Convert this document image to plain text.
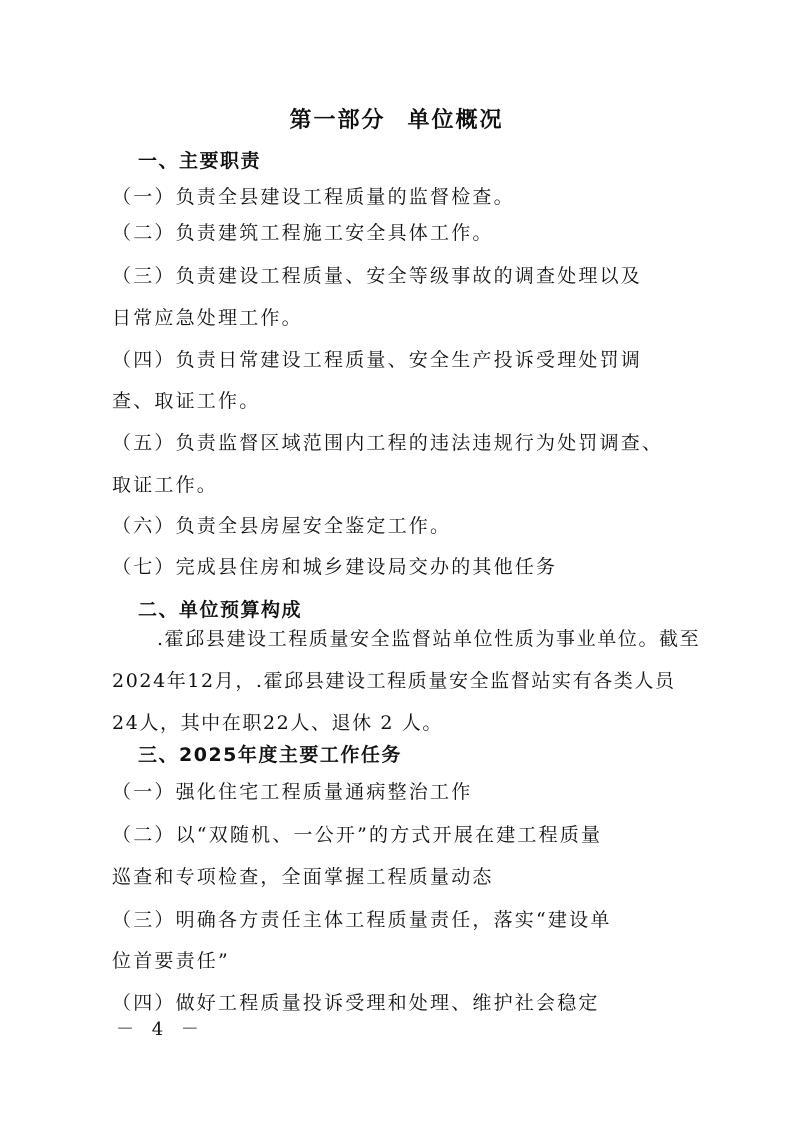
第一部分 单位概况
一、主要职责
（一）负责全县建设工程质量的监督检查。
（二）负责建筑工程施工安全具体工作。
（三）负责建设工程质量、安全等级事故的调查处理以及
日常应急处理工作。
（四）负责日常建设工程质量、安全生产投诉受理处罚调
查、取证工作。
（五）负责监督区域范围内工程的违法违规行为处罚调查、
取证工作。
（六）负责全县房屋安全鉴定工作。
（七）完成县住房和城乡建设局交办的其他任务
二、单位预算构成
.霍邱县建设工程质量安全监督站单位性质为事业单位。截至2024年12月，.霍邱县建设工程质量安全监督站实有各类人员 24人，其中在职22人、退休 2 人。
三、2025年度主要工作任务
（一）强化住宅工程质量通病整治工作
（二）以“双随机、一公开”的方式开展在建工程质量
巡查和专项检查，全面掌握工程质量动态
（三）明确各方责任主体工程质量责任，落实“建设单
位首要责任”
（四）做好工程质量投诉受理和处理、维护社会稳定
－ 4 －
